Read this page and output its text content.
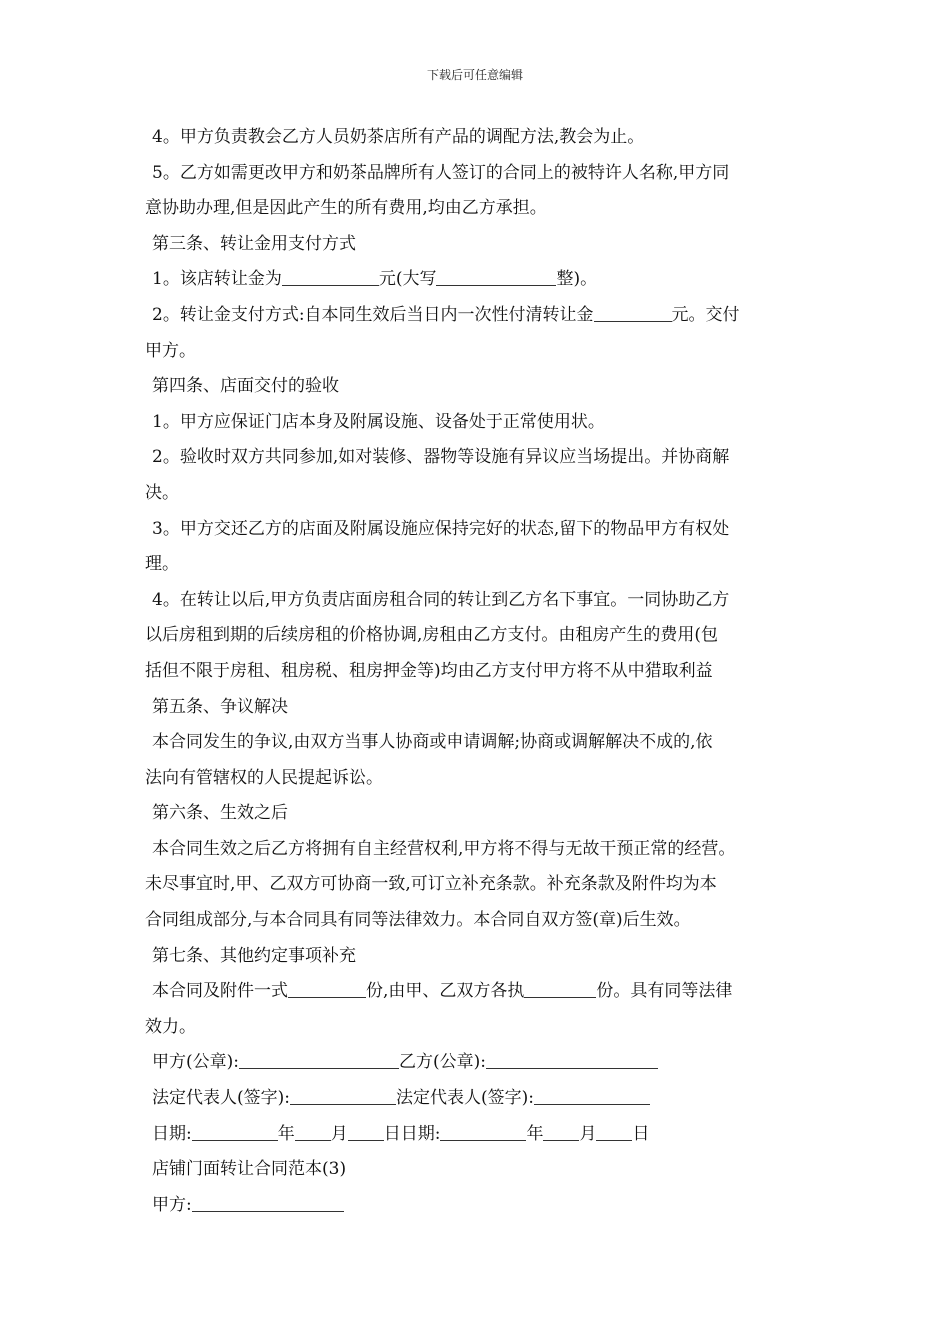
下载后可任意编辑
4。甲方负责教会乙方人员奶茶店所有产品的调配方法,教会为止。
5。乙方如需更改甲方和奶茶品牌所有人签订的合同上的被特许人名称,甲方同
意协助办理,但是因此产生的所有费用,均由乙方承担。
第三条、转让金用支付方式
1。该店转让金为	元(大写	整)。
2。转让金支付方式:自本同生效后当日内一次性付清转让金	元。交付
甲方。
第四条、店面交付的验收
1。甲方应保证门店本身及附属设施、设备处于正常使用状。
2。验收时双方共同参加,如对装修、器物等设施有异议应当场提出。并协商解
决。
3。甲方交还乙方的店面及附属设施应保持完好的状态,留下的物品甲方有权处
理。
4。在转让以后,甲方负责店面房租合同的转让到乙方名下事宜。一同协助乙方
以后房租到期的后续房租的价格协调,房租由乙方支付。由租房产生的费用(包
括但不限于房租、租房税、租房押金等)均由乙方支付甲方将不从中猎取利益
第五条、争议解决
本合同发生的争议,由双方当事人协商或申请调解;协商或调解解决不成的,依
法向有管辖权的人民提起诉讼。
第六条、生效之后
本合同生效之后乙方将拥有自主经营权利,甲方将不得与无故干预正常的经营。
未尽事宜时,甲、乙双方可协商一致,可订立补充条款。补充条款及附件均为本
合同组成部分,与本合同具有同等法律效力。本合同自双方签(章)后生效。
第七条、其他约定事项补充
本合同及附件一式	份,由甲、乙双方各执	份。具有同等法律
效力。
甲方(公章):	乙方(公章):
法定代表人(签字):	法定代表人(签字):
日期:	年 月 日日期:	年 月 日
店铺门面转让合同范本(3)
甲方:
